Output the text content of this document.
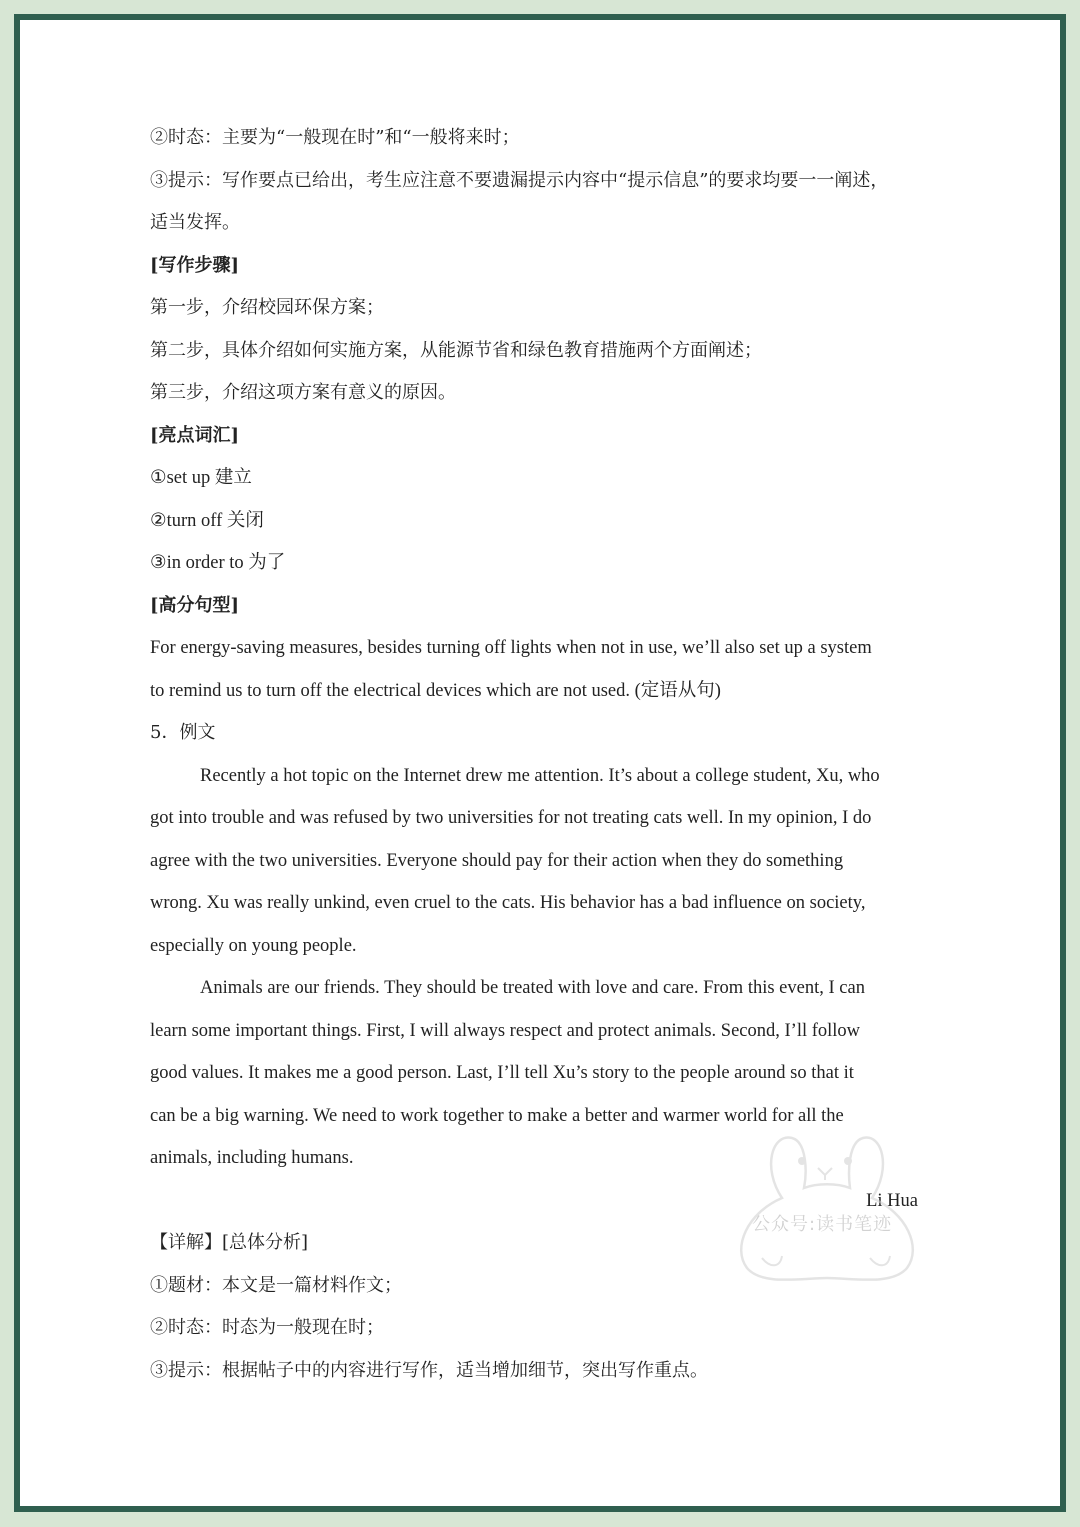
②时态：主要为“一般现在时”和“一般将来时；
③提示：写作要点已给出，考生应注意不要遗漏提示内容中“提示信息”的要求均要一一阐述，
适当发挥。
[写作步骤]
第一步，介绍校园环保方案；
第二步，具体介绍如何实施方案，从能源节省和绿色教育措施两个方面阐述；
第三步，介绍这项方案有意义的原因。
[亮点词汇]
①set up 建立
②turn off 关闭
③in order to 为了
[高分句型]
For energy-saving measures, besides turning off lights when not in use, we’ll also set up a system
to remind us to turn off the electrical devices which are not used. (定语从句)
5．例文
Recently a hot topic on the Internet drew me attention. It’s about a college student, Xu, who
got into trouble and was refused by two universities for not treating cats well. In my opinion, I do
agree with the two universities. Everyone should pay for their action when they do something
wrong. Xu was really unkind, even cruel to the cats. His behavior has a bad influence on society,
especially on young people.
Animals are our friends. They should be treated with love and care. From this event, I can
learn some important things. First, I will always respect and protect animals. Second, I’ll follow
good values. It makes me a good person. Last, I’ll tell Xu’s story to the people around so that it
can be a big warning. We need to work together to make a better and warmer world for all the
animals, including humans.
Li Hua
【详解】[总体分析]
①题材：本文是一篇材料作文；
②时态：时态为一般现在时；
③提示：根据帖子中的内容进行写作，适当增加细节，突出写作重点。
公众号:读书笔迹
